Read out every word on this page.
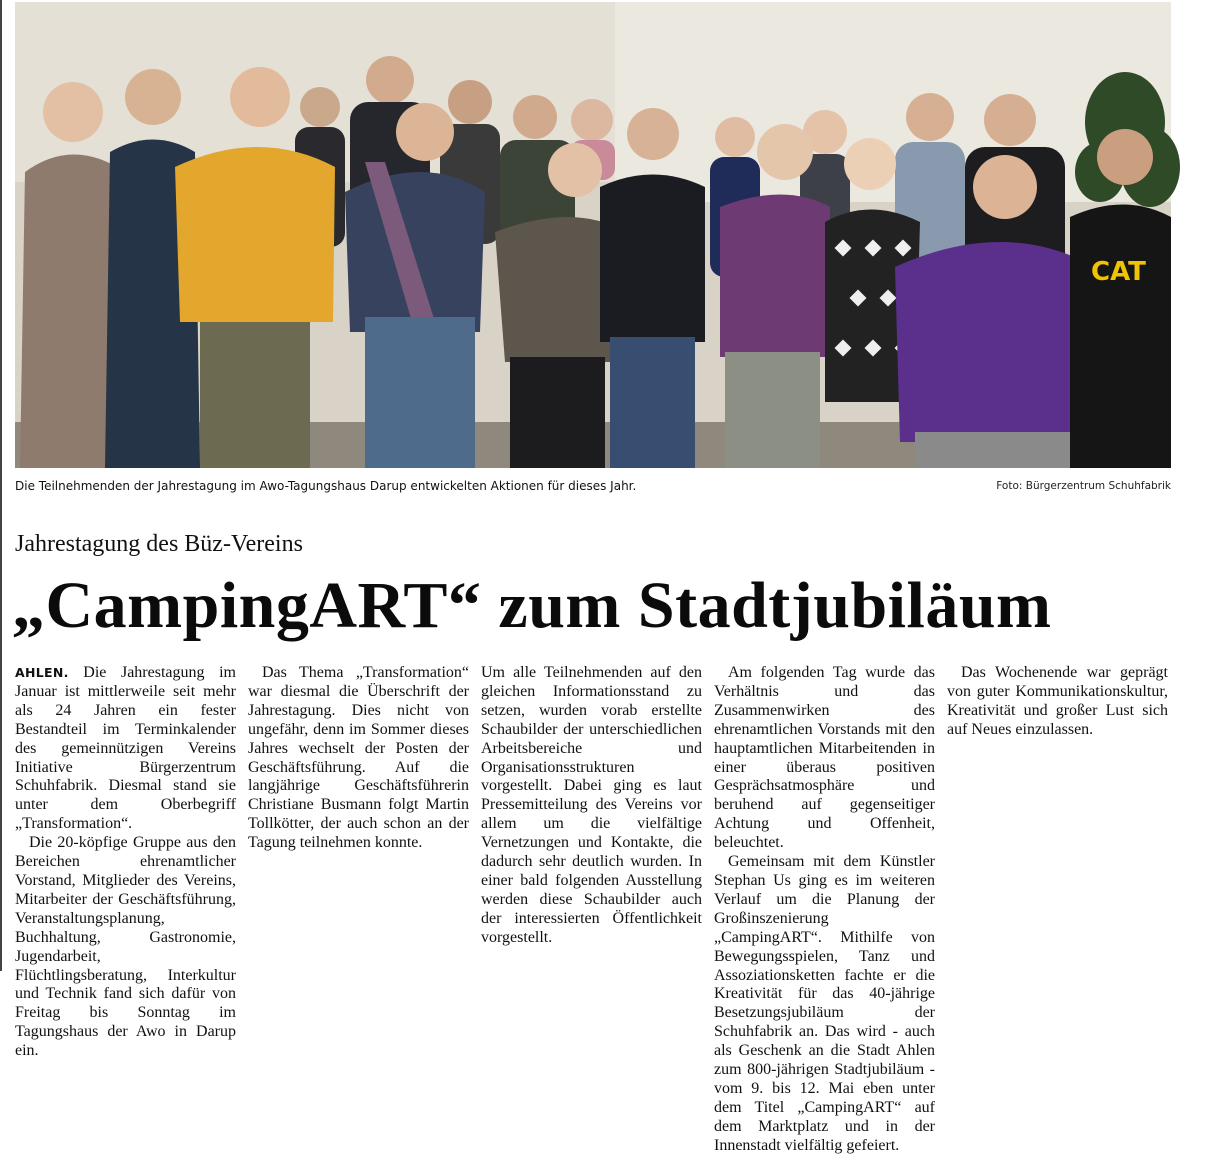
CAT
Die Teilnehmenden der Jahrestagung im Awo-Tagungshaus Darup entwickelten Aktionen für dieses Jahr.	Foto: Bürgerzentrum Schuhfabrik
Jahrestagung des Büz-Vereins
„CampingART“ zum Stadtjubiläum

AHLEN. Die Jahrestagung im Januar ist mittlerweile seit mehr als 24 Jahren ein fester Bestandteil im Terminkalender des gemeinnützigen Vereins Initiative Bürgerzentrum Schuhfabrik. Diesmal stand sie unter dem Oberbegriff „Transformation“.

Die 20-köpfige Gruppe aus den Bereichen ehrenamtlicher Vorstand, Mitglieder des Vereins, Mitarbeiter der Geschäftsführung, Veranstaltungsplanung, Buchhaltung, Gastronomie, Jugendarbeit, Flüchtlingsberatung, Interkultur und Technik fand sich dafür von Freitag bis Sonntag im Tagungshaus der Awo in Darup ein.

Das Thema „Transformation“ war diesmal die Überschrift der Jahrestagung. Dies nicht von ungefähr, denn im Sommer dieses Jahres wechselt der Posten der Geschäftsführung. Auf die langjährige Geschäftsführerin Christiane Busmann folgt Martin Tollkötter, der auch schon an der Tagung teilnehmen konnte.

Um alle Teilnehmenden auf den gleichen Informationsstand zu setzen, wurden vorab erstellte Schaubilder der unterschiedlichen Arbeitsbereiche und Organisationsstrukturen vorgestellt. Dabei ging es laut Pressemitteilung des Vereins vor allem um die vielfältige Vernetzungen und Kontakte, die dadurch sehr deutlich wurden. In einer bald folgenden Ausstellung werden diese Schaubilder auch der interessierten Öffentlichkeit vorgestellt.

Am folgenden Tag wurde das Verhältnis und das Zusammenwirken des ehrenamtlichen Vorstands mit den hauptamtlichen Mitarbeitenden in einer überaus positiven Gesprächsatmosphäre und beruhend auf gegenseitiger Achtung und Offenheit, beleuchtet.

Gemeinsam mit dem Künstler Stephan Us ging es im weiteren Verlauf um die Planung der Großinszenierung „CampingART“. Mithilfe von Bewegungsspielen, Tanz und Assoziationsketten fachte er die Kreativität für das 40-jährige Besetzungsjubiläum der Schuhfabrik an. Das wird - auch als Geschenk an die Stadt Ahlen zum 800-jährigen Stadtjubiläum - vom 9. bis 12. Mai eben unter dem Titel „CampingART“ auf dem Marktplatz und in der Innenstadt vielfältig gefeiert.

Das Wochenende war geprägt von guter Kommunikationskultur, Kreativität und großer Lust sich auf Neues einzulassen.
